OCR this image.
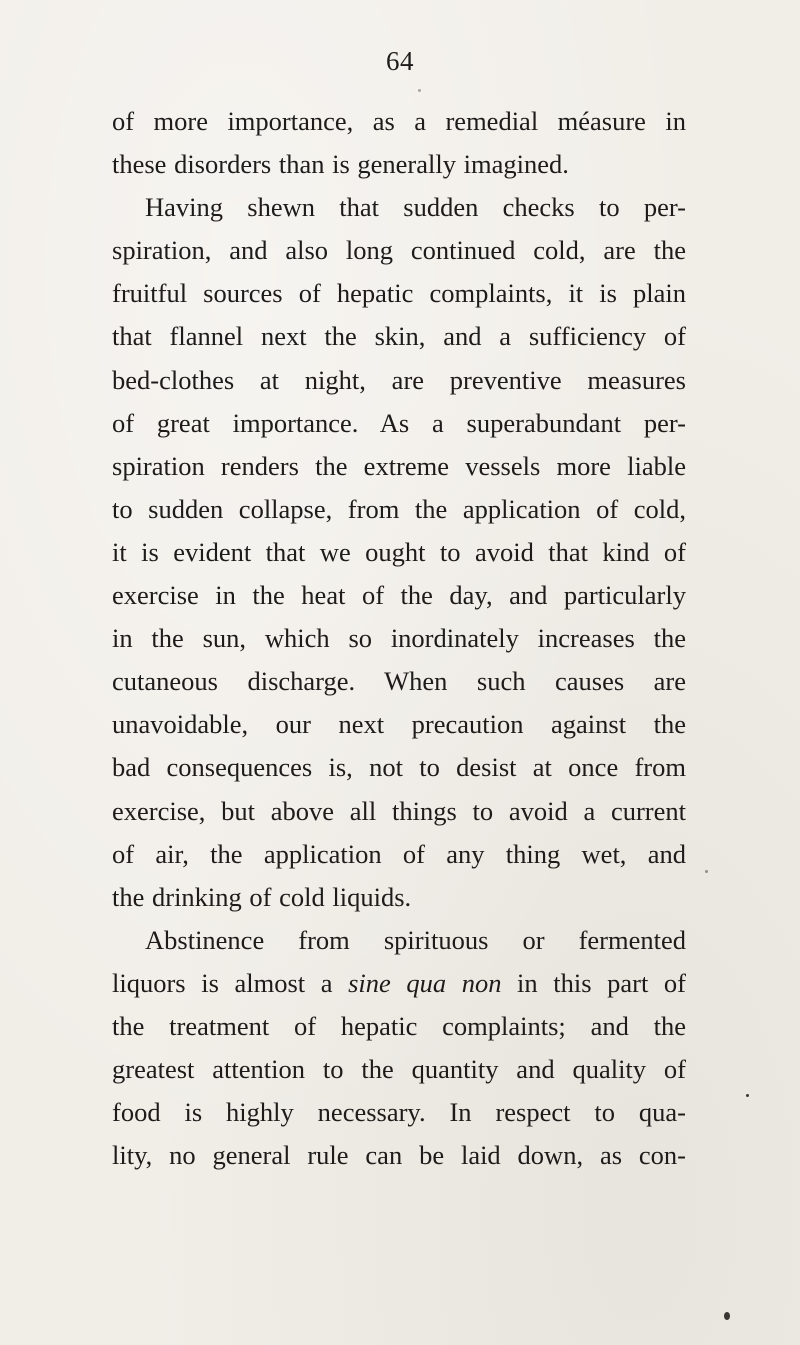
64
of more importance, as a remedial méasure in
these disorders than is generally imagined.
Having shewn that sudden checks to per-
spiration, and also long continued cold, are the
fruitful sources of hepatic complaints, it is plain
that flannel next the skin, and a sufficiency of
bed-clothes at night, are preventive measures
of great importance. As a superabundant per-
spiration renders the extreme vessels more liable
to sudden collapse, from the application of cold,
it is evident that we ought to avoid that kind of
exercise in the heat of the day, and particularly
in the sun, which so inordinately increases the
cutaneous discharge. When such causes are
unavoidable, our next precaution against the
bad consequences is, not to desist at once from
exercise, but above all things to avoid a current
of air, the application of any thing wet, and
the drinking of cold liquids.
Abstinence from spirituous or fermented
liquors is almost a sine qua non in this part of
the treatment of hepatic complaints; and the
greatest attention to the quantity and quality of
food is highly necessary. In respect to qua-
lity, no general rule can be laid down, as con-
